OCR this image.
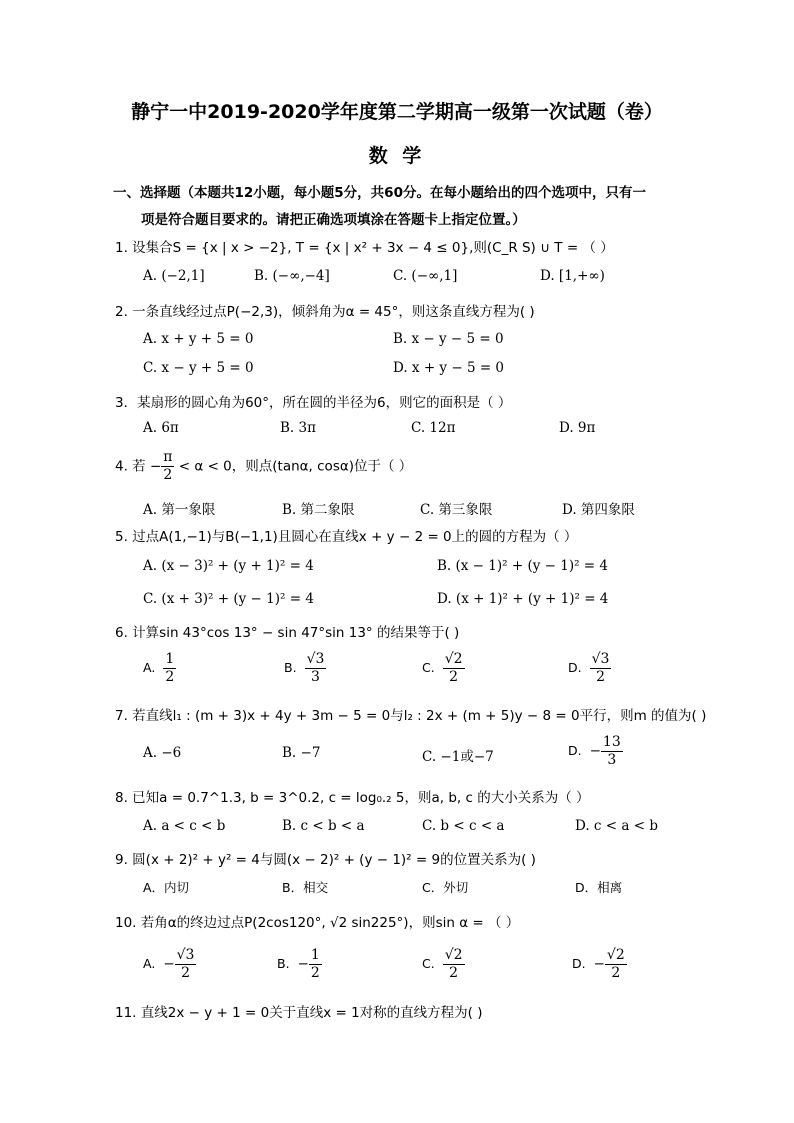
静宁一中2019-2020学年度第二学期高一级第一次试题（卷）
数 学
一、选择题（本题共12小题，每小题5分，共60分。在每小题给出的四个选项中，只有一
项是符合题目要求的。请把正确选项填涂在答题卡上指定位置。）
1. 设集合S = {x | x > −2}, T = {x | x² + 3x − 4 ≤ 0},则(C_R S) ∪ T = （ ）
A. (−2,1]	B. (−∞,−4]	C. (−∞,1]	D. [1,+∞)
2. 一条直线经过点P(−2,3)，倾斜角为α = 45°，则这条直线方程为( )
A. x + y + 5 = 0	B. x − y − 5 = 0
C. x − y + 5 = 0	D. x + y − 5 = 0
3．某扇形的圆心角为60°，所在圆的半径为6，则它的面积是（ ）
A. 6π	B. 3π	C. 12π	D. 9π
4. 若 − $\frac{\pi}{2} < \alpha < 0$，则点(tanα, cosα)位于（ ）
A. 第一象限	B. 第二象限	C. 第三象限	D. 第四象限
5. 过点A(1,−1)与B(−1,1)且圆心在直线x + y − 2 = 0上的圆的方程为（ ）
A. (x − 3)² + (y + 1)² = 4	B. (x − 1)² + (y − 1)² = 4
C. (x + 3)² + (y − 1)² = 4	D. (x + 1)² + (y + 1)² = 4
6. 计算sin 43°cos 13° − sin 47°sin 13° 的结果等于( )
A. $\frac{1}{2}$	B. $\frac{√3}{3}$	C. $\frac{√2}{2}$	D. $\frac{√3}{2}$
7. 若直线l₁ : (m + 3)x + 4y + 3m − 5 = 0与l₂ : 2x + (m + 5)y − 8 = 0平行，则m 的值为( )
A. −6	B. −7	C. −1或−7	D. − $\frac{13}{3}$
8. 已知a = 0.7^1.3, b = 3^0.2, c = log₀.₂ 5，则a, b, c 的大小关系为（ ）
A. a < c < b	B. c < b < a	C. b < c < a	D. c < a < b
9. 圆(x + 2)² + y² = 4与圆(x − 2)² + (y − 1)² = 9的位置关系为( )
A．内切	B．相交	C．外切	D．相离
10. 若角α的终边过点P(2cos120°, √2 sin225°)，则sin α = （ ）
A. − $\frac{√3}{2}$	B. − $\frac{1}{2}$	C. $\frac{√2}{2}$	D. − $\frac{√2}{2}$
11. 直线2x − y + 1 = 0关于直线x = 1对称的直线方程为( )
